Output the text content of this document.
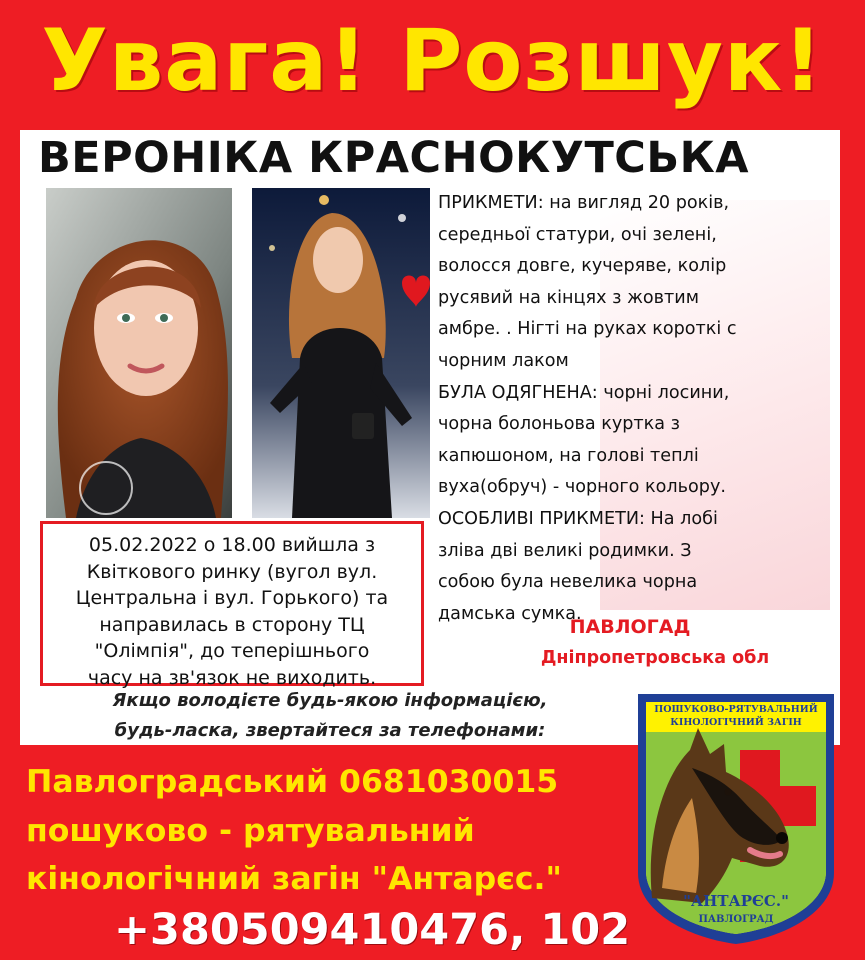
Увага! Розшук!
ВЕРОНІКА КРАСНОКУТСЬКА
ПРИКМЕТИ: на вигляд 20 років,
середньої статури, очі зелені,
волосся довге, кучеряве, колір
русявий на кінцях з жовтим
амбре. . Нігті на руках короткі с
чорним лаком
БУЛА ОДЯГНЕНА: чорні лосини,
чорна болоньова куртка з
капюшоном, на голові теплі
вуха(обруч) - чорного кольору.
ОСОБЛИВІ ПРИКМЕТИ: На лобі
зліва дві великі родимки. З
собою була невелика чорна
дамська сумка.
05.02.2022 о 18.00 вийшла з
Квіткового ринку (вугол вул.
Центральна і вул. Горького) та
направилась в сторону ТЦ
"Олімпія", до теперішнього
часу на зв'язок не виходить.
ПАВЛОГАД
Дніпропетровська обл
Якщо володієте будь-якою інформацією,
будь-ласка, звертайтеся за телефонами:
Павлоградський 0681030015
пошуково - рятувальний
кінологічний загін "Антарєс."
+380509410476, 102
ПОШУКОВО-РЯТУВАЛЬНИЙ
КІНОЛОГІЧНИЙ ЗАГІН
"АНТАРЄС."
ПАВЛОГРАД
